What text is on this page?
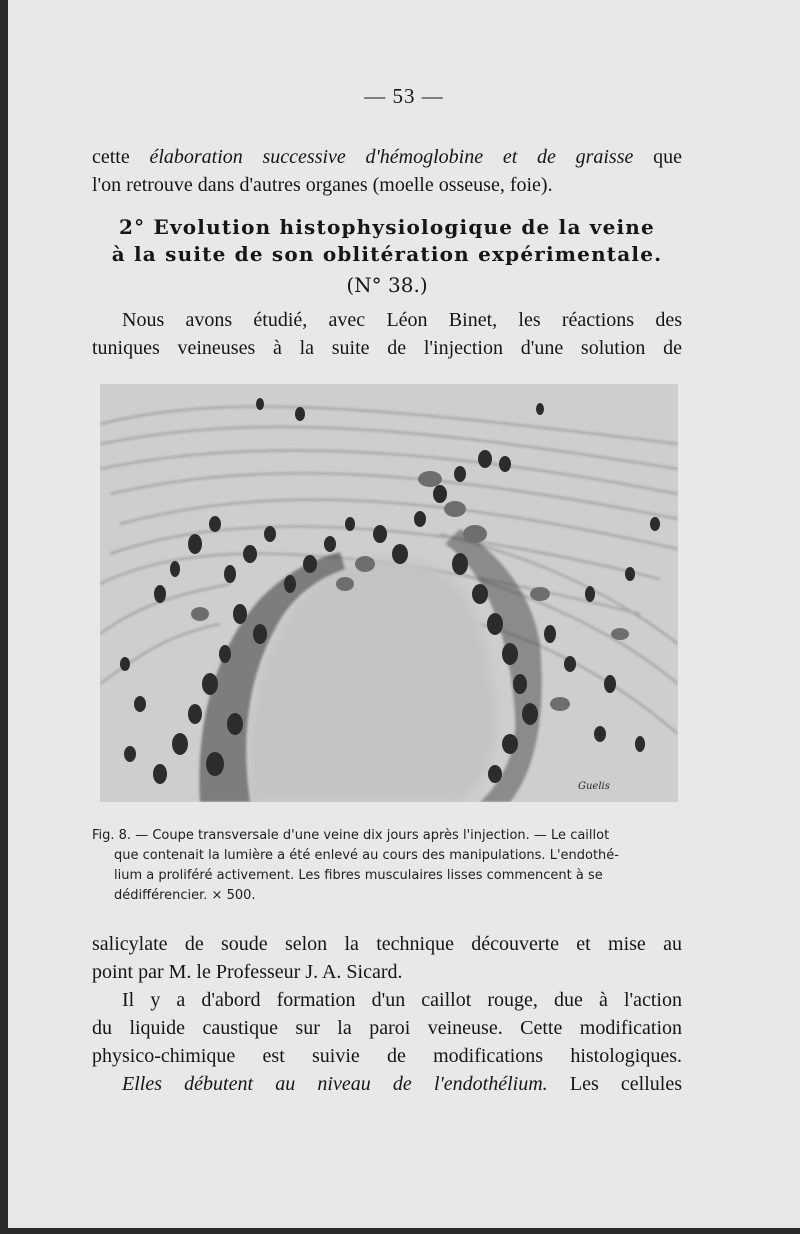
— 53 —
cette élaboration successive d'hémoglobine et de graisse que
l'on retrouve dans d'autres organes (moelle osseuse, foie).
2° Evolution histophysiologique de la veine
à la suite de son oblitération expérimentale.
(N° 38.)
Nous avons étudié, avec Léon Binet, les réactions des
tuniques veineuses à la suite de l'injection d'une solution de
Guelis
Fig. 8. — Coupe transversale d'une veine dix jours après l'injection. — Le caillot
que contenait la lumière a été enlevé au cours des manipulations. L'endothé-
lium a proliféré activement. Les fibres musculaires lisses commencent à se
dédifférencier. × 500.
salicylate de soude selon la technique découverte et mise au
point par M. le Professeur J. A. Sicard.
Il y a d'abord formation d'un caillot rouge, due à l'action
du liquide caustique sur la paroi veineuse. Cette modification
physico-chimique est suivie de modifications histologiques.
Elles débutent au niveau de l'endothélium. Les cellules
